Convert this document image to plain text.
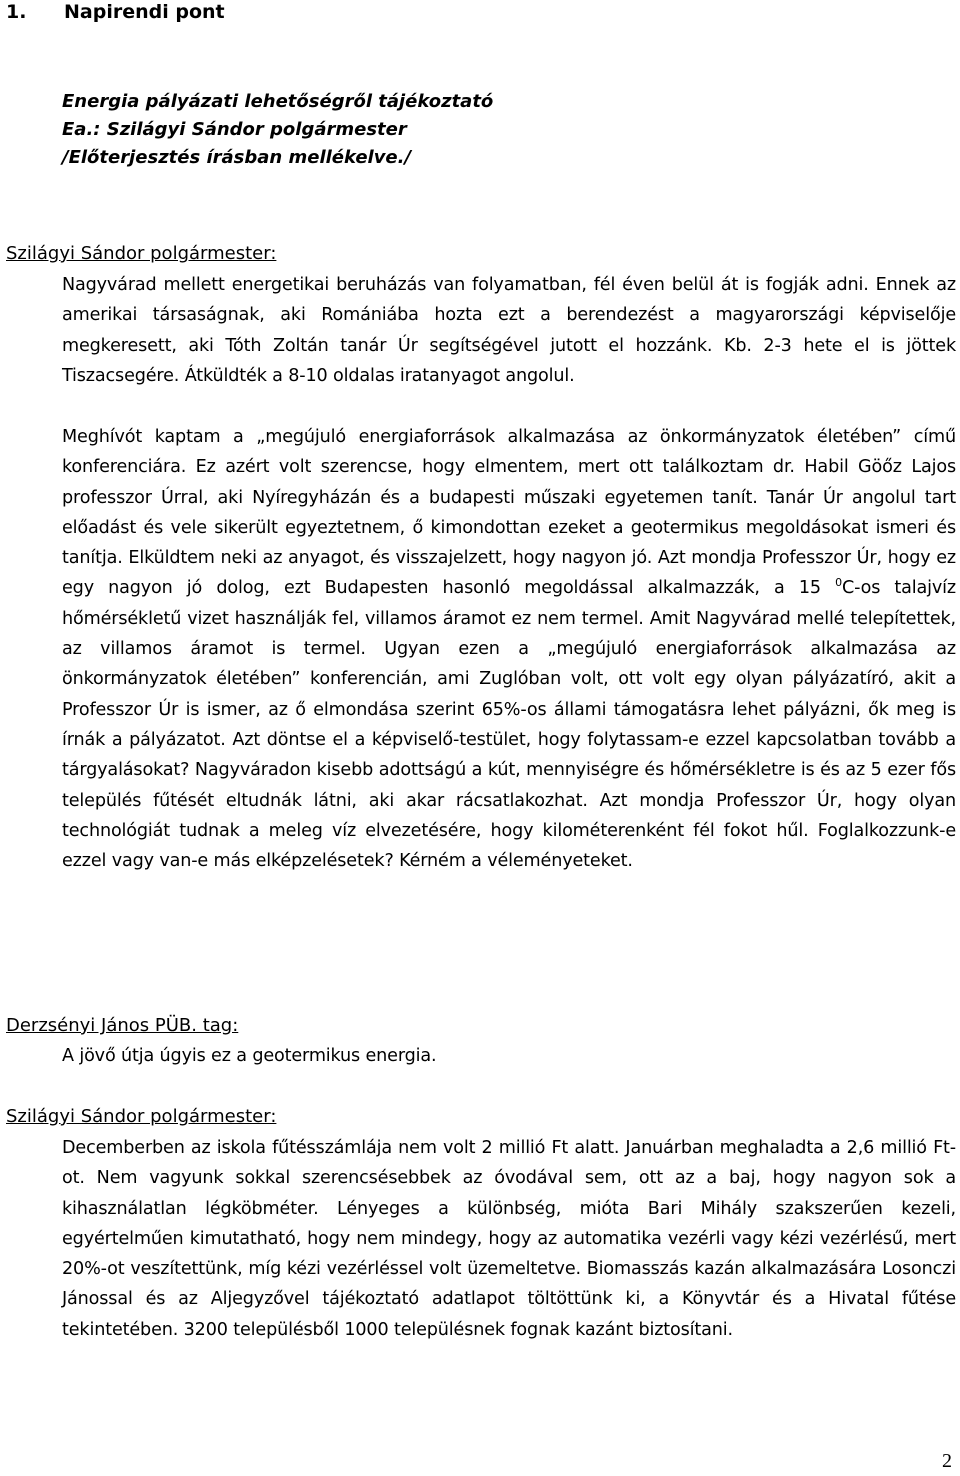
1. Napirendi pont
Energia pályázati lehetőségről tájékoztató
Ea.: Szilágyi Sándor polgármester
/Előterjesztés írásban mellékelve./
Szilágyi Sándor polgármester:
Nagyvárad mellett energetikai beruházás van folyamatban, fél éven belül át is fogják adni. Ennek az amerikai társaságnak, aki Romániába hozta ezt a berendezést a magyarországi képviselője megkeresett, aki Tóth Zoltán tanár Úr segítségével jutott el hozzánk. Kb. 2-3 hete el is jöttek Tiszacsegére. Átküldték a 8-10 oldalas iratanyagot angolul.
Meghívót kaptam a „megújuló energiaforrások alkalmazása az önkormányzatok életében” című konferenciára. Ez azért volt szerencse, hogy elmentem, mert ott találkoztam dr. Habil Göőz Lajos professzor Úrral, aki Nyíregyházán és a budapesti műszaki egyetemen tanít. Tanár Úr angolul tart előadást és vele sikerült egyeztetnem, ő kimondottan ezeket a geotermikus megoldásokat ismeri és tanítja. Elküldtem neki az anyagot, és visszajelzett, hogy nagyon jó. Azt mondja Professzor Úr, hogy ez egy nagyon jó dolog, ezt Budapesten hasonló megoldással alkalmazzák, a 15 $^0$C-os talajvíz hőmérsékletű vizet használják fel, villamos áramot ez nem termel. Amit Nagyvárad mellé telepítettek, az villamos áramot is termel. Ugyan ezen a „megújuló energiaforrások alkalmazása az önkormányzatok életében” konferencián, ami Zuglóban volt, ott volt egy olyan pályázatíró, akit a Professzor Úr is ismer, az ő elmondása szerint 65%-os állami támogatásra lehet pályázni, ők meg is írnák a pályázatot. Azt döntse el a képviselő-testület, hogy folytassam-e ezzel kapcsolatban tovább a tárgyalásokat? Nagyváradon kisebb adottságú a kút, mennyiségre és hőmérsékletre is és az 5 ezer fős település fűtését eltudnák látni, aki akar rácsatlakozhat. Azt mondja Professzor Úr, hogy olyan technológiát tudnak a meleg víz elvezetésére, hogy kilométerenként fél fokot hűl. Foglalkozzunk-e ezzel vagy van-e más elképzelésetek? Kérném a véleményeteket.
Derzsényi János PÜB. tag:
A jövő útja úgyis ez a geotermikus energia.
Szilágyi Sándor polgármester:
Decemberben az iskola fűtésszámlája nem volt 2 millió Ft alatt. Januárban meghaladta a 2,6 millió Ft-ot. Nem vagyunk sokkal szerencsésebbek az óvodával sem, ott az a baj, hogy nagyon sok a kihasználatlan légköbméter. Lényeges a különbség, mióta Bari Mihály szakszerűen kezeli, egyértelműen kimutatható, hogy nem mindegy, hogy az automatika vezérli vagy kézi vezérlésű, mert 20%-ot veszítettünk, míg kézi vezérléssel volt üzemeltetve. Biomasszás kazán alkalmazására Losonczi Jánossal és az Aljegyzővel tájékoztató adatlapot töltöttünk ki, a Könyvtár és a Hivatal fűtése tekintetében. 3200 településből 1000 településnek fognak kazánt biztosítani.
2
